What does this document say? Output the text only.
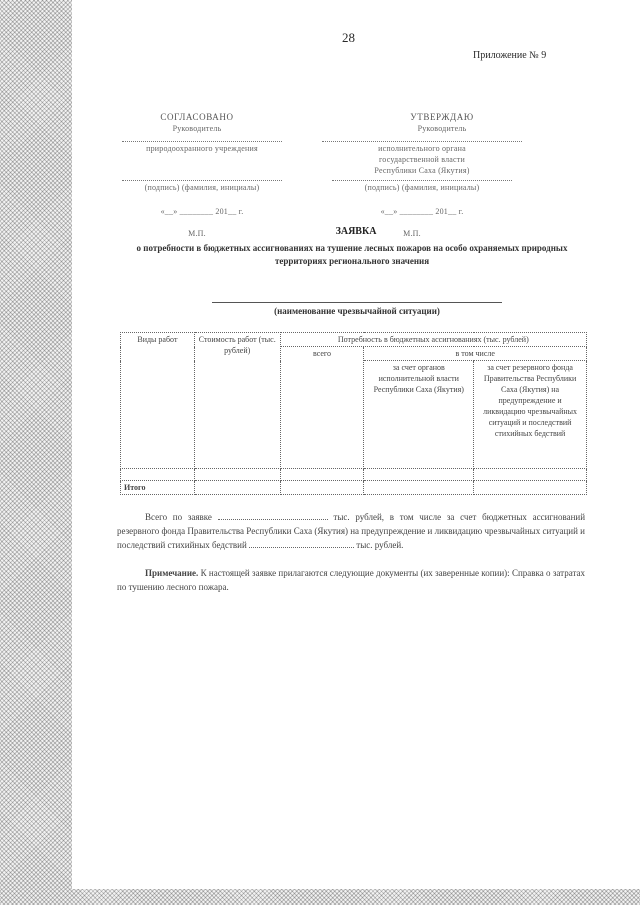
28
Приложение № 9
СОГЛАСОВАНО
Руководитель
природоохранного учреждения
(подпись) (фамилия, инициалы)
«__» ________ 201__ г.
М.П.
УТВЕРЖДАЮ
Руководитель
исполнительного органа
государственной власти
Республики Саха (Якутия)
(подпись) (фамилия, инициалы)
«__» ________ 201__ г.
М.П.
ЗАЯВКА
о потребности в бюджетных ассигнованиях на тушение лесных пожаров на особо охраняемых природных территориях регионального значения
(наименование чрезвычайной ситуации)
Виды работ	Стоимость работ (тыс. рублей)	Потребность в бюджетных ассигнованиях (тыс. рублей)		
		всего	в том числе	
			за счет органов исполнительной власти Республики Саха (Якутия)	за счет резервного фонда Правительства Республики Саха (Якутия) на предупреждение и ликвидацию чрезвычайных ситуаций и последствий стихийных бедствий

Итого				
Всего по заявке	тыс. рублей, в том числе за счет бюджетных ассигнований резервного фонда Правительства Республики Саха (Якутия) на предупреждение и ликвидацию чрезвычайных ситуаций и последствий стихийных бедствий	тыс. рублей.
Примечание. К настоящей заявке прилагаются следующие документы (их заверенные копии): Справка о затратах по тушению лесного пожара.
